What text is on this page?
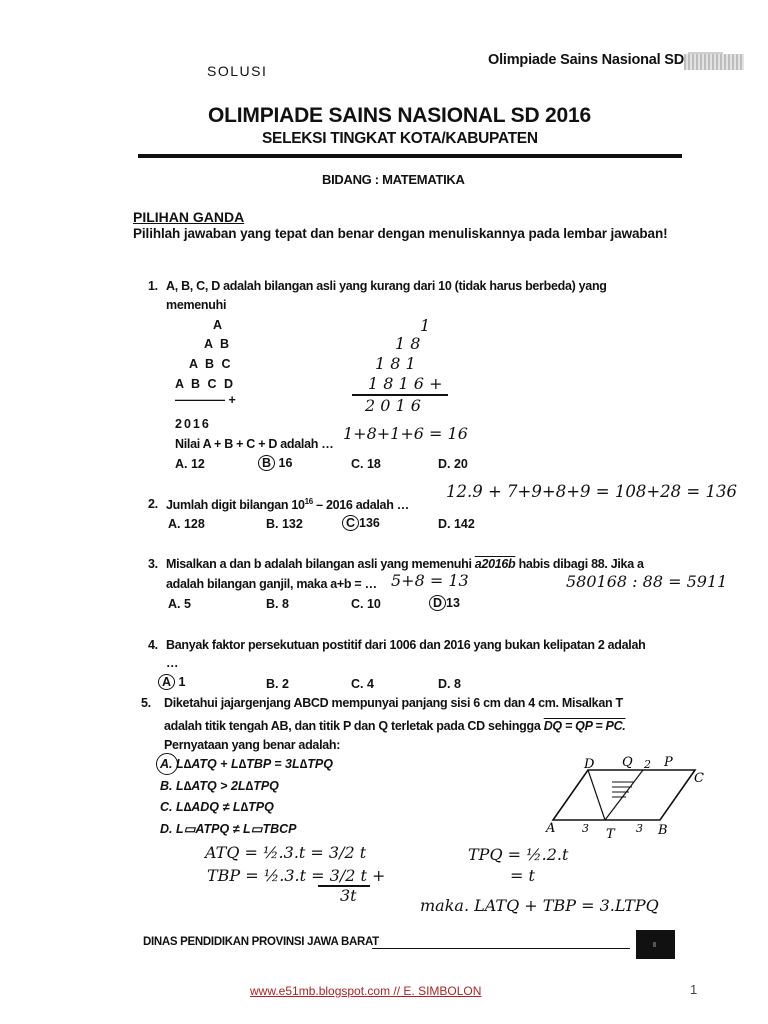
Olimpiade Sains Nasional SD
SOLUSI
OLIMPIADE SAINS NASIONAL SD 2016
SELEKSI TINGKAT KOTA/KABUPATEN
BIDANG : MATEMATIKA
PILIHAN GANDA
Pilihlah jawaban yang tepat dan benar dengan menuliskannya pada lembar jawaban!
1. A, B, C, D adalah bilangan asli yang kurang dari 10 (tidak harus berbeda) yang
memenuhi
A
A B
A B C
A B C D
———— +
2016
Nilai A + B + C + D adalah …
1
1 8
1 8 1
1 8 1 6 +
2 0 1 6
1+8+1+6 = 16
A. 12	B 16	C. 18	D. 20
2. Jumlah digit bilangan $10^{16} - 2016$ adalah …
12.9 + 7+9+8+9 = 108+28 = 136
A. 128	B. 132	C 136	D. 142
3. Misalkan a dan b adalah bilangan asli yang memenuhi a2016b habis dibagi 88. Jika a
adalah bilangan ganjil, maka a+b = … 5+8 = 13	580168 : 88 = 5911
A. 5	B. 8	C. 10	D 13
4. Banyak faktor persekutuan postitif dari 1006 dan 2016 yang bukan kelipatan 2 adalah
…
A 1	B. 2	C. 4	D. 8
5. Diketahui jajargenjang ABCD mempunyai panjang sisi 6 cm dan 4 cm. Misalkan T
adalah titik tengah AB, dan titik P dan Q terletak pada CD sehingga DQ = QP = PC.
Pernyataan yang benar adalah:
A. L∆ATQ + L∆TBP = 3L∆TPQ
B. L∆ATQ > 2L∆TPQ
C. L∆ADQ ≠ L∆TPQ
D. L▭ATPQ ≠ L▭TBCP
D Q 2 P
C
A 3 T 3 B
ATQ = ½.3.t = 3/2 t
TBP = ½.3.t = 3/2 t +
3t
TPQ = ½.2.t
= t
maka. LATQ + TBP = 3.LTPQ
DINAS PENDIDIKAN PROVINSI JAWA BARAT
www.e51mb.blogspot.com // E. SIMBOLON	1
